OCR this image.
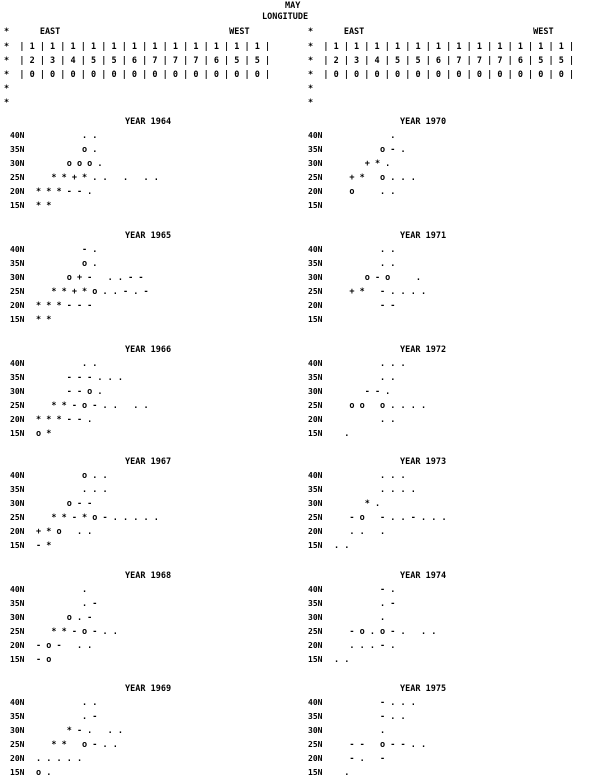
MAY
LONGITUDE
*      EAST                                 WEST
*  | 1 | 1 | 1 | 1 | 1 | 1 | 1 | 1 | 1 | 1 | 1 | 1 |
*  | 2 | 3 | 4 | 5 | 5 | 6 | 7 | 7 | 7 | 6 | 5 | 5 |
*  | 0 | 0 | 0 | 0 | 0 | 0 | 0 | 0 | 0 | 0 | 0 | 0 |
*
*
*      EAST                                 WEST
*  | 1 | 1 | 1 | 1 | 1 | 1 | 1 | 1 | 1 | 1 | 1 | 1 |
*  | 2 | 3 | 4 | 5 | 5 | 6 | 7 | 7 | 7 | 6 | 5 | 5 |
*  | 0 | 0 | 0 | 0 | 0 | 0 | 0 | 0 | 0 | 0 | 0 | 0 |
*
*
YEAR 1964
40N . .
35N o .
30N o o o .
25N * * + * . .   .   . .
20N * * * - - .
15N * *
YEAR 1970
40N .
35N o - .
30N + * .
25N + *   o . . .
20N o     . .
15N
YEAR 1965
40N - .
35N o .
30N o + -   . . - -
25N * * + * o . . - . -
20N * * * - - -
15N * *
YEAR 1971
40N . .
35N . .
30N o - o     .
25N + *   - . . . .
20N - -
15N
YEAR 1966
40N . .
35N - - - . . .
30N - - o .
25N * * - o - . .   . .
20N * * * - - .
15N o *
YEAR 1972
40N . . .
35N . .
30N - - .
25N o o   o . . . .
20N . .
15N .
YEAR 1967
40N o . .
35N . . .
30N o - -
25N * * - * o - . . . . .
20N + * o   . .
15N - *
YEAR 1973
40N . . .
35N . . . .
30N * .
25N - o   - . . - . . .
20N . .   .
15N . .
YEAR 1968
40N .
35N . -
30N o . -
25N * * - o - . .
20N - o -   . .
15N - o
YEAR 1974
40N - .
35N . -
30N .
25N - o . o - .   . .
20N . . . - .
15N . .
YEAR 1969
40N . .
35N . -
30N * - .   . .
25N * *   o - . .
20N . . . . .
15N o .
YEAR 1975
40N - . . .
35N - . .
30N .
25N - -   o - - . .
20N - .   -
15N .
